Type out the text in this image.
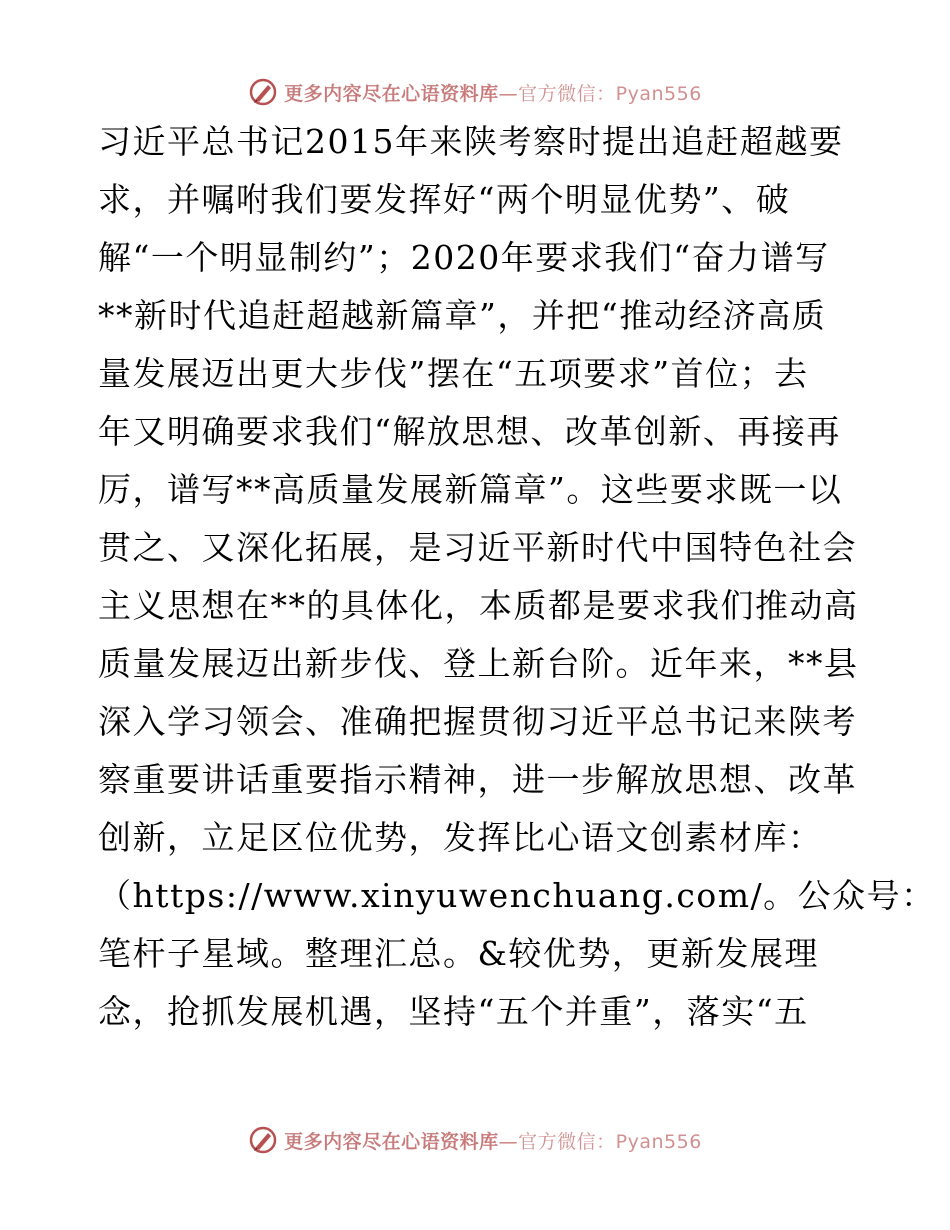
更多内容尽在心语资料库—官方微信：Pyan556
习近平总书记2015年来陕考察时提出追赶超越要
求，并嘱咐我们要发挥好“两个明显优势”、破
解“一个明显制约”；2020年要求我们“奋力谱写
**新时代追赶超越新篇章”，并把“推动经济高质
量发展迈出更大步伐”摆在“五项要求”首位；去
年又明确要求我们“解放思想、改革创新、再接再
厉，谱写**高质量发展新篇章”。这些要求既一以
贯之、又深化拓展，是习近平新时代中国特色社会
主义思想在**的具体化，本质都是要求我们推动高
质量发展迈出新步伐、登上新台阶。近年来，**县
深入学习领会、准确把握贯彻习近平总书记来陕考
察重要讲话重要指示精神，进一步解放思想、改革
创新，立足区位优势，发挥比心语文创素材库：
（https://www.xinyuwenchuang.com/。公众号：
笔杆子星域。整理汇总。&较优势，更新发展理
念，抢抓发展机遇，坚持“五个并重”，落实“五
更多内容尽在心语资料库—官方微信：Pyan556
